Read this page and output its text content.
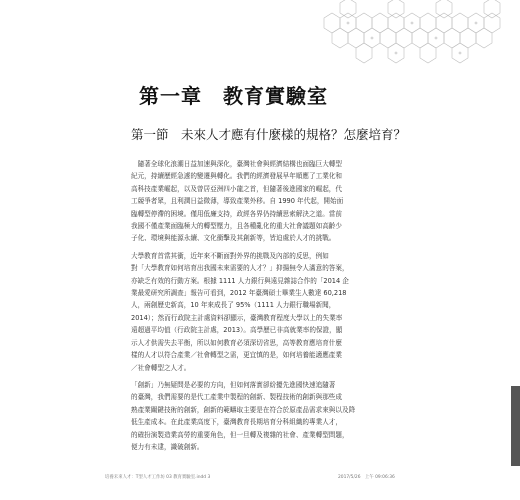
第一章　教育實驗室
第一節　未來人才應有什麼樣的規格？怎麼培育？

　隨著全球化浪潮日益加速與深化，臺灣社會與經濟結構也面臨巨大轉型
紀元，持續歷經急遽的變遷與轉化。我們的經濟發展早年順應了工業化和
高科技產業崛起，以及曾居亞洲四小龍之首，但隨著後進國家的崛起，代
工競爭者眾，且利潤日益微薄，導致產業外移。自 1990 年代起，開始面
臨轉型停滯的困境。僅用低廉支持，政經各界仍持續思索解決之道。當前
我國不僅產業面臨極大的轉型壓力，且各種亂化的重大社會議題如高齡少
子化、環境與能源永續、文化衝擊及其創新等，皆迫處於人才的挑戰。

大學教育首當其衝，近年來不斷面對外界的挑戰及內部的反思，例如
對「大學教育如何培育出我國未來需要的人才？」抑揚無令人滿意的答案，
亦缺乏有效的行動方案。根據 1111 人力銀行與遠見雜誌合作的「2014 企
業最愛研究所調查」報告可看到，2012 年臺灣碩士畢業生人數達 60,218
人，兩創歷史新高，10 年來成長了 95%（1111 人力銀行職場新聞，
2014）；然而行政院主計處資料卻顯示，臺灣教育程度大學以上的失業率
遠超過平均值（行政院主計處，2013）。高學歷已非高就業率的保證，顯
示人才供需失去平衡，所以如何教育必須深切省思，高等教育應培育什麼
樣的人才以符合產業／社會轉型之需，更宜慎的是，如何培養能適應產業
／社會轉型之人才。

「創新」乃無疑問是必要的方向，但如何落實卻紛擾先進國快速追隨著
的臺灣，我們需要的是代工產業中製程的創新、製程技術的創新與那些成
熟產業關鍵技術的創新，創新的範疇取主要是在符合於原產品需求來與以及降
低生產成本。在此產業高度下，臺灣教育長期培育分科組織的專業人才，
的確扮演製造業高勞的重要角色，但一旦轉及複雜的社會、產業轉型問題，
便力有未逮，識破創新。

培養未來人才：T型人才工作坊 03 教育實驗室.indd 3	2017/5/26　上午 09:06:36
